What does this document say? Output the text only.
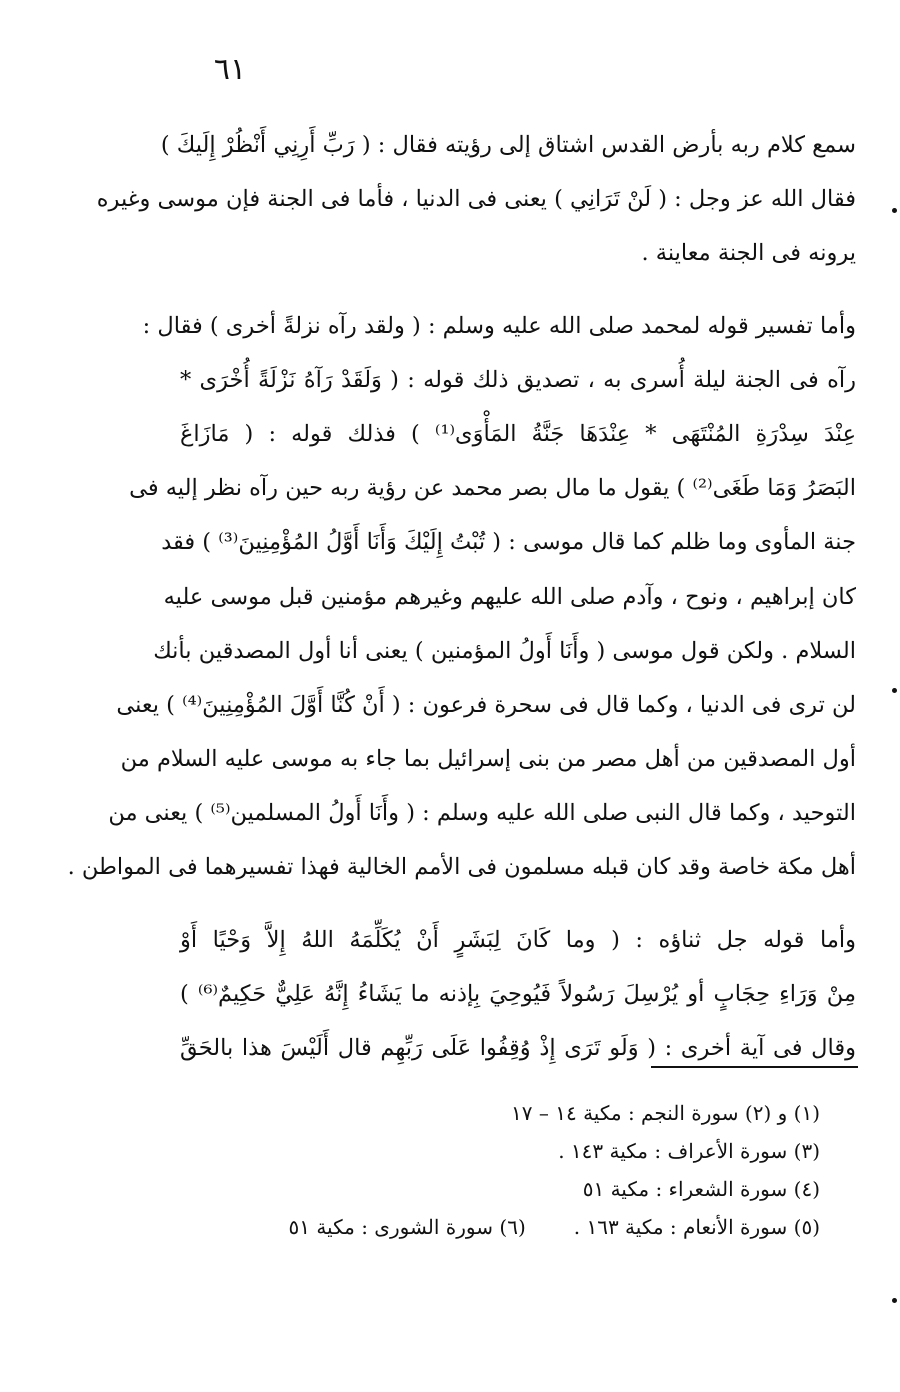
٦١
سمع كلام ربه بأرض القدس اشتاق إلى رؤيته فقال : ( رَبِّ أَرِنِي أَنْظُرْ إِلَيكَ )
فقال الله عز وجل : ( لَنْ تَرَانِي ) يعنى فى الدنيا ، فأما فى الجنة فإن موسى وغيره
يرونه فى الجنة معاينة .
وأما تفسير قوله لمحمد صلى الله عليه وسلم : ( ولقد رآه نزلةً أخرى ) فقال :
رآه فى الجنة ليلة أُسرى به ، تصديق ذلك قوله : ( وَلَقَدْ رَآهُ نَزْلَةً أُخْرَى *
عِنْدَ سِدْرَةِ المُنْتَهَى * عِنْدَهَا جَنَّةُ المَأْوَى⁽¹⁾ ) فذلك قوله : ( مَازَاغَ
البَصَرُ وَمَا طَغَى⁽²⁾ ) يقول ما مال بصر محمد عن رؤية ربه حين رآه نظر إليه فى
جنة المأوى وما ظلم كما قال موسى : ( تُبْتُ إِلَيْكَ وَأَنَا أَوَّلُ المُؤْمِنِينَ⁽³⁾ ) فقد
كان إبراهيم ، ونوح ، وآدم صلى الله عليهم وغيرهم مؤمنين قبل موسى عليه
السلام . ولكن قول موسى ( وأَنَا أَولُ المؤمنين ) يعنى أنا أول المصدقين بأنك
لن ترى فى الدنيا ، وكما قال فى سحرة فرعون : ( أَنْ كُنَّا أَوَّلَ المُؤْمِنِينَ⁽⁴⁾ ) يعنى
أول المصدقين من أهل مصر من بنى إسرائيل بما جاء به موسى عليه السلام من
التوحيد ، وكما قال النبى صلى الله عليه وسلم : ( وأَنَا أَولُ المسلمين⁽⁵⁾ ) يعنى من
أهل مكة خاصة وقد كان قبله مسلمون فى الأمم الخالية فهذا تفسيرهما فى المواطن .
وأما قوله جل ثناؤه : ( وما كَانَ لِبَشَرٍ أَنْ يُكَلِّمَهُ اللهُ إِلاَّ وَحْيًا أَوْ
مِنْ وَرَاءِ حِجَابٍ أو يُرْسِلَ رَسُولاً فَيُوحِيَ بِإذنه ما يَشَاءُ إِنَّهُ عَلِيٌّ حَكِيمٌ⁽⁶⁾ )
وقال فى آية أخرى : ( وَلَو تَرَى إِذْ وُقِفُوا عَلَى رَبِّهِم قال أَلَيْسَ هذا بالحَقِّ
(١) و (٢) سورة النجم : مكية ١٤ – ١٧
(٣) سورة الأعراف : مكية ١٤٣ .
(٤) سورة الشعراء : مكية ٥١
(٥) سورة الأنعام : مكية ١٦٣ .
(٦) سورة الشورى : مكية ٥١
